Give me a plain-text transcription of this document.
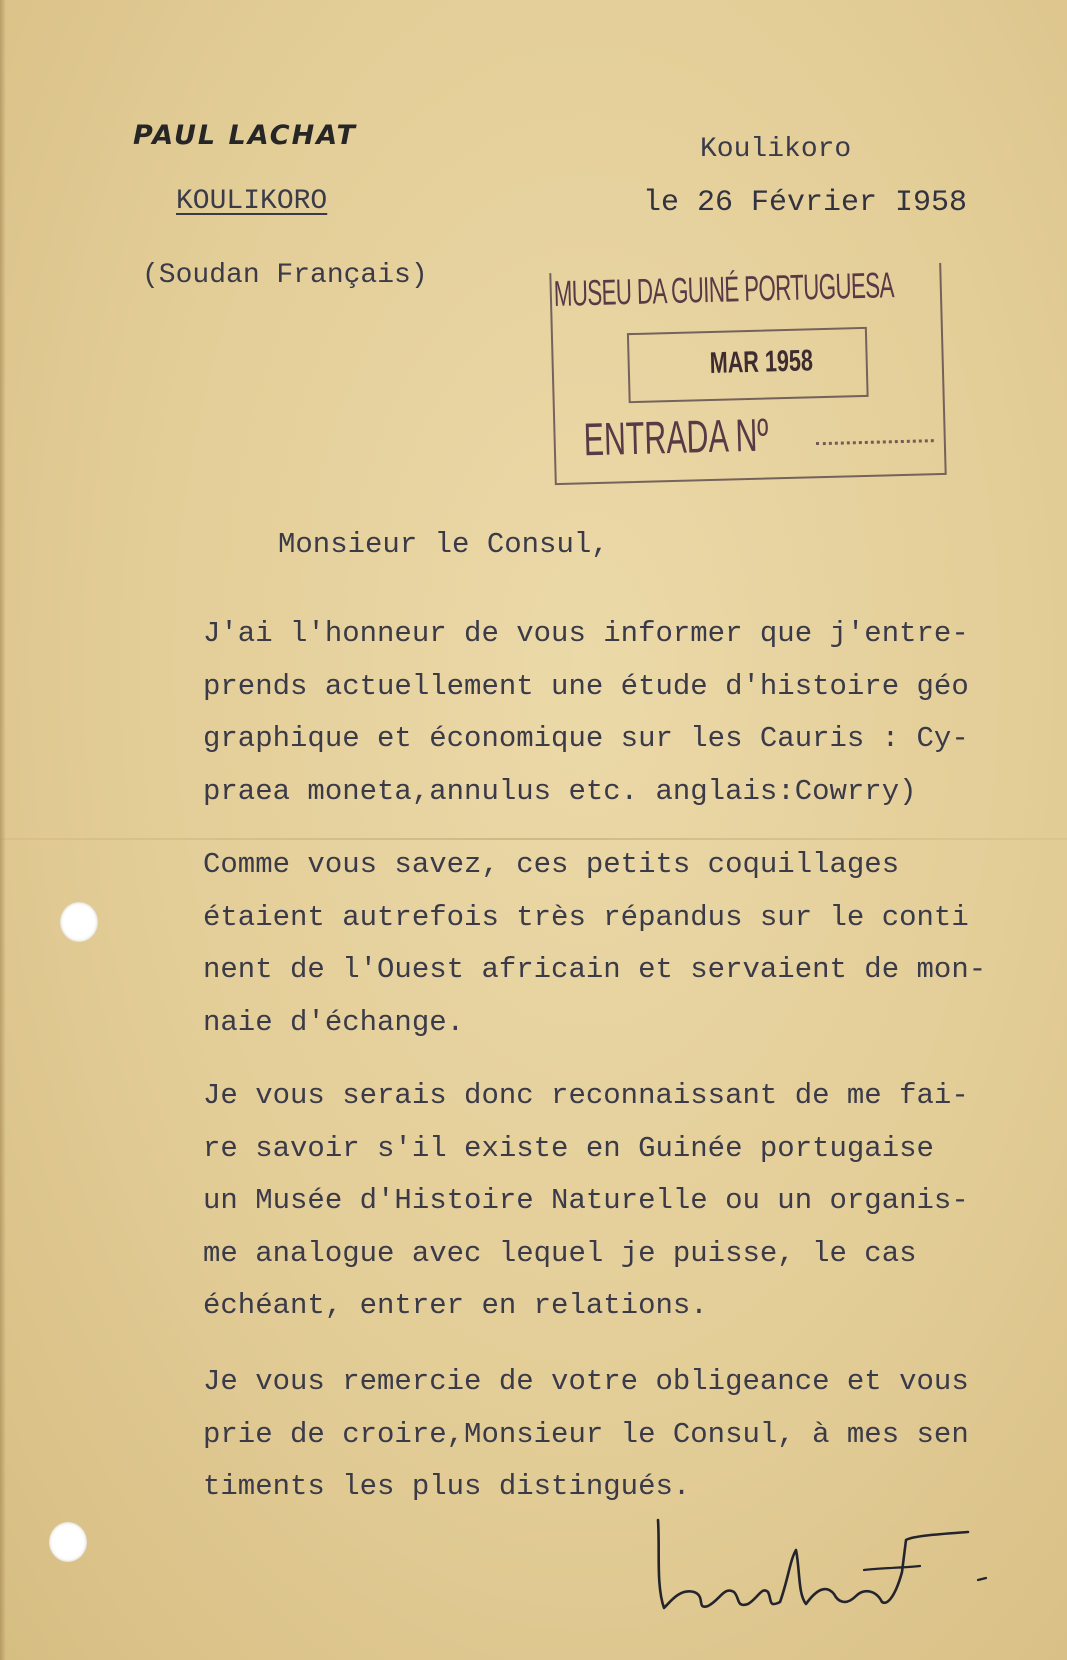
PAUL LACHAT
KOULIKORO
(Soudan Français)
Koulikoro
le 26 Février I958
MUSEU DA GUINÉ PORTUGUESA
MAR 1958
ENTRADA Nº
Monsieur le Consul,
J'ai l'honneur de vous informer que j'entre-
prends actuellement une étude d'histoire géo
graphique et économique sur les Cauris : Cy-
praea moneta,annulus etc. anglais:Cowrry)
Comme vous savez, ces petits coquillages
étaient autrefois très répandus sur le conti
nent de l'Ouest africain et servaient de mon-
naie d'échange.
Je vous serais donc reconnaissant de me fai-
re savoir s'il existe en Guinée portugaise
un Musée d'Histoire Naturelle ou un organis-
me analogue avec lequel je puisse, le cas
échéant, entrer en relations.
Je vous remercie de votre obligeance et vous
prie de croire,Monsieur le Consul, à mes sen
timents les plus distingués.
